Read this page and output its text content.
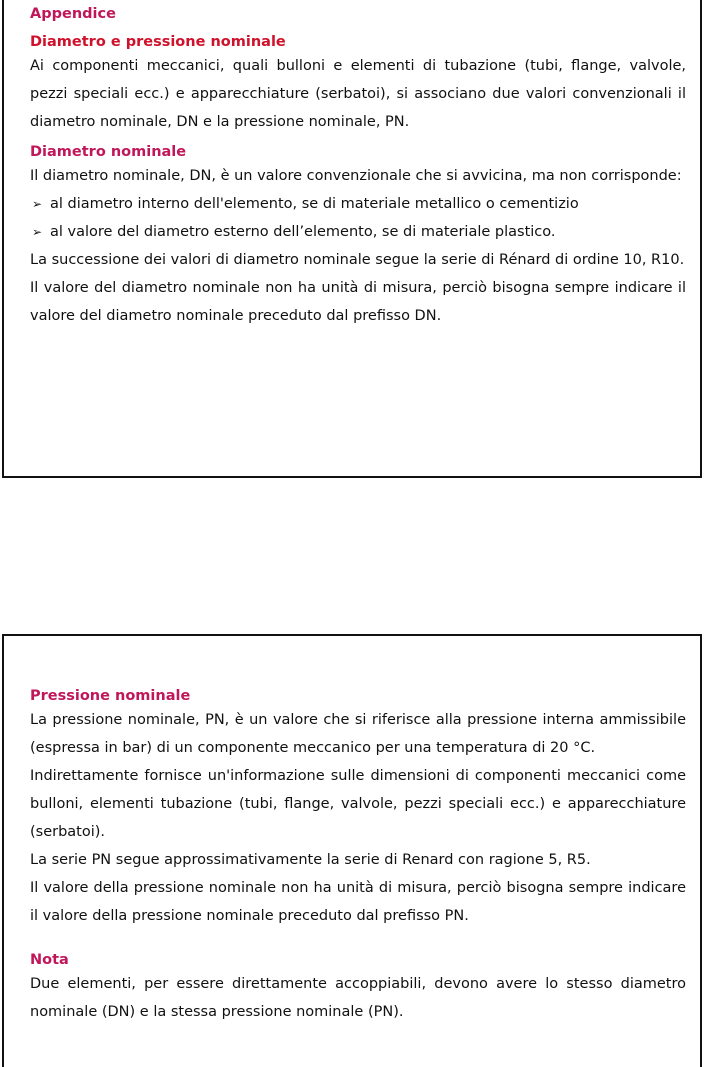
Appendice
Diametro e pressione nominale

Ai componenti meccanici, quali bulloni e elementi di tubazione (tubi, flange, valvole, pezzi speciali ecc.) e apparecchiature (serbatoi), si associano due valori convenzionali il diametro nominale, DN e la pressione nominale, PN.

Diametro nominale

Il diametro nominale, DN, è un valore convenzionale che si avvicina, ma non corrisponde:

➢ al diametro interno dell'elemento, se di materiale metallico o cementizio
➢ al valore del diametro esterno dell’elemento, se di materiale plastico.

La successione dei valori di diametro nominale segue la serie di Rénard di ordine 10, R10.

Il valore del diametro nominale non ha unità di misura, perciò bisogna sempre indicare il valore del diametro nominale preceduto dal prefisso DN.

Pressione nominale

La pressione nominale, PN, è un valore che si riferisce alla pressione interna ammissibile (espressa in bar) di un componente meccanico per una temperatura di 20 °C.

Indirettamente fornisce un'informazione sulle dimensioni di componenti meccanici come bulloni, elementi tubazione (tubi, flange, valvole, pezzi speciali ecc.) e apparecchiature (serbatoi).

La serie PN segue approssimativamente la serie di Renard con ragione 5, R5.

Il valore della pressione nominale non ha unità di misura, perciò bisogna sempre indicare il valore della pressione nominale preceduto dal prefisso PN.

Nota

Due elementi, per essere direttamente accoppiabili, devono avere lo stesso diametro nominale (DN) e la stessa pressione nominale (PN).
